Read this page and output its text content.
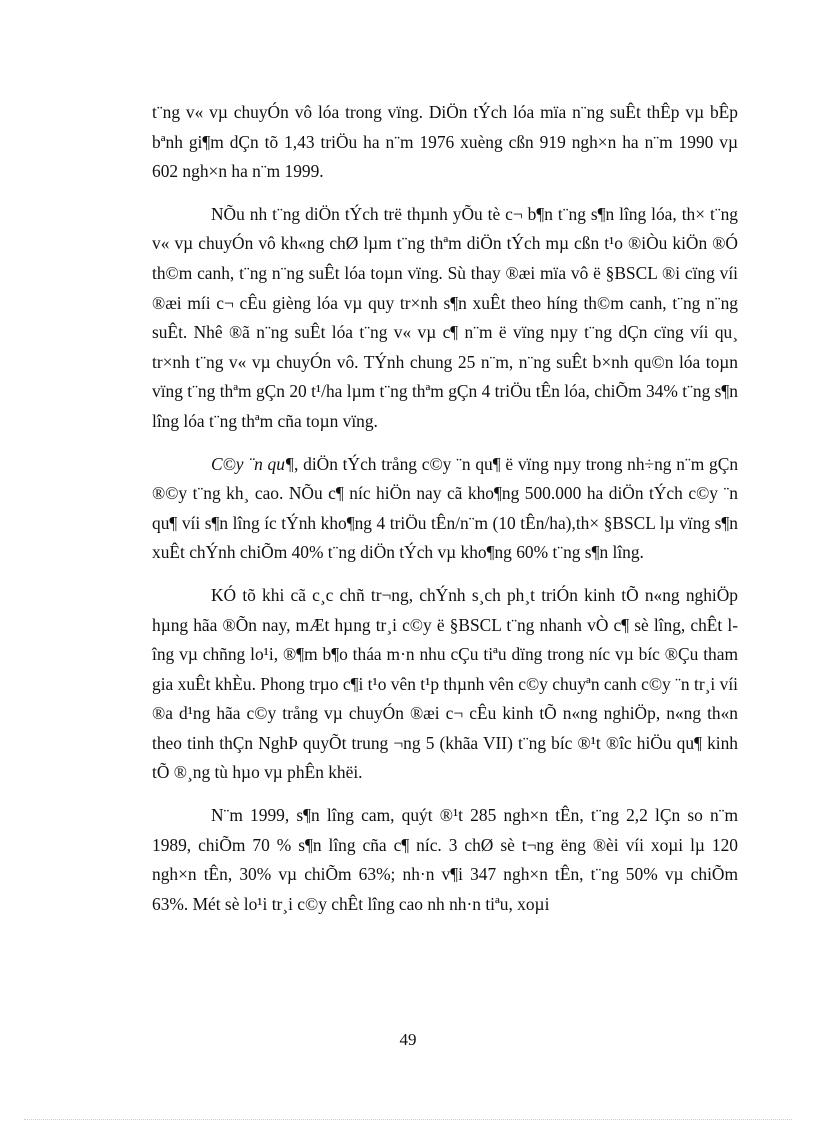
t¨ng v« vµ chuyÓn vô lóa trong vïng. DiÖn tÝch lóa mïa n¨ng suÊt thÊp vµ bÊp bªnh gi¶m dÇn tõ 1,43 triÖu ha n¨m 1976 xuèng cßn 919 ngh×n ha n¨m 1990 vµ 602 ngh×n ha n¨m 1999.

NÕu nh t¨ng diÖn tÝch trë thµnh yÕu tè c¬ b¶n t¨ng s¶n lîng lóa, th× t¨ng v« vµ chuyÓn vô kh«ng chØ lµm t¨ng thªm diÖn tÝch mµ cßn t¹o ®iÒu kiÖn ®Ó th©m canh, t¨ng n¨ng suÊt lóa toµn vïng. Sù thay ®æi mïa vô ë §BSCL ®i cïng víi ®æi míi c¬ cÊu gièng lóa vµ quy tr×nh s¶n xuÊt theo híng th©m canh, t¨ng n¨ng suÊt. Nhê ®ã n¨ng suÊt lóa t¨ng v« vµ c¶ n¨m ë vïng nµy t¨ng dÇn cïng víi qu¸ tr×nh t¨ng v« vµ chuyÓn vô. TÝnh chung 25 n¨m, n¨ng suÊt b×nh qu©n lóa toµn vïng t¨ng thªm gÇn 20 t¹/ha lµm t¨ng thªm gÇn 4 triÖu tÊn lóa, chiÕm 34% t¨ng s¶n lîng lóa t¨ng thªm cña toµn vïng.

C©y ¨n qu¶, diÖn tÝch trång c©y ¨n qu¶ ë vïng nµy trong nh÷ng n¨m gÇn ®©y t¨ng kh¸ cao. NÕu c¶ níc hiÖn nay cã kho¶ng 500.000 ha diÖn tÝch c©y ¨n qu¶ víi s¶n lîng íc tÝnh kho¶ng 4 triÖu tÊn/n¨m (10 tÊn/ha),th× §BSCL lµ vïng s¶n xuÊt chÝnh chiÕm 40% t¨ng diÖn tÝch vµ kho¶ng 60% t¨ng s¶n lîng.

KÓ tõ khi cã c¸c chñ tr¬ng, chÝnh s¸ch ph¸t triÓn kinh tÕ n«ng nghiÖp hµng hãa ®Õn nay, mÆt hµng tr¸i c©y ë §BSCL t¨ng nhanh vÒ c¶ sè lîng, chÊt lîng vµ chñng lo¹i, ®¶m b¶o tháa m·n nhu cÇu tiªu dïng trong níc vµ bíc ®Çu tham gia xuÊt khÈu. Phong trµo c¶i t¹o vên t¹p thµnh vên c©y chuyªn canh c©y ¨n tr¸i víi ®a d¹ng hãa c©y trång vµ chuyÓn ®æi c¬ cÊu kinh tÕ n«ng nghiÖp, n«ng th«n theo tinh thÇn NghÞ quyÕt trung ¬ng 5 (khãa VII) t¨ng bíc ®¹t ®îc hiÖu qu¶ kinh tÕ ®¸ng tù hµo vµ phÊn khëi.

N¨m 1999, s¶n lîng cam, quýt ®¹t 285 ngh×n tÊn, t¨ng 2,2 lÇn so n¨m 1989, chiÕm 70 % s¶n lîng cña c¶ níc. 3 chØ sè t¬ng ëng ®èi víi xoµi lµ 120 ngh×n tÊn, 30% vµ chiÕm 63%; nh·n v¶i 347 ngh×n tÊn, t¨ng 50% vµ chiÕm 63%. Mét sè lo¹i tr¸i c©y chÊt lîng cao nh nh·n tiªu, xoµi

49
